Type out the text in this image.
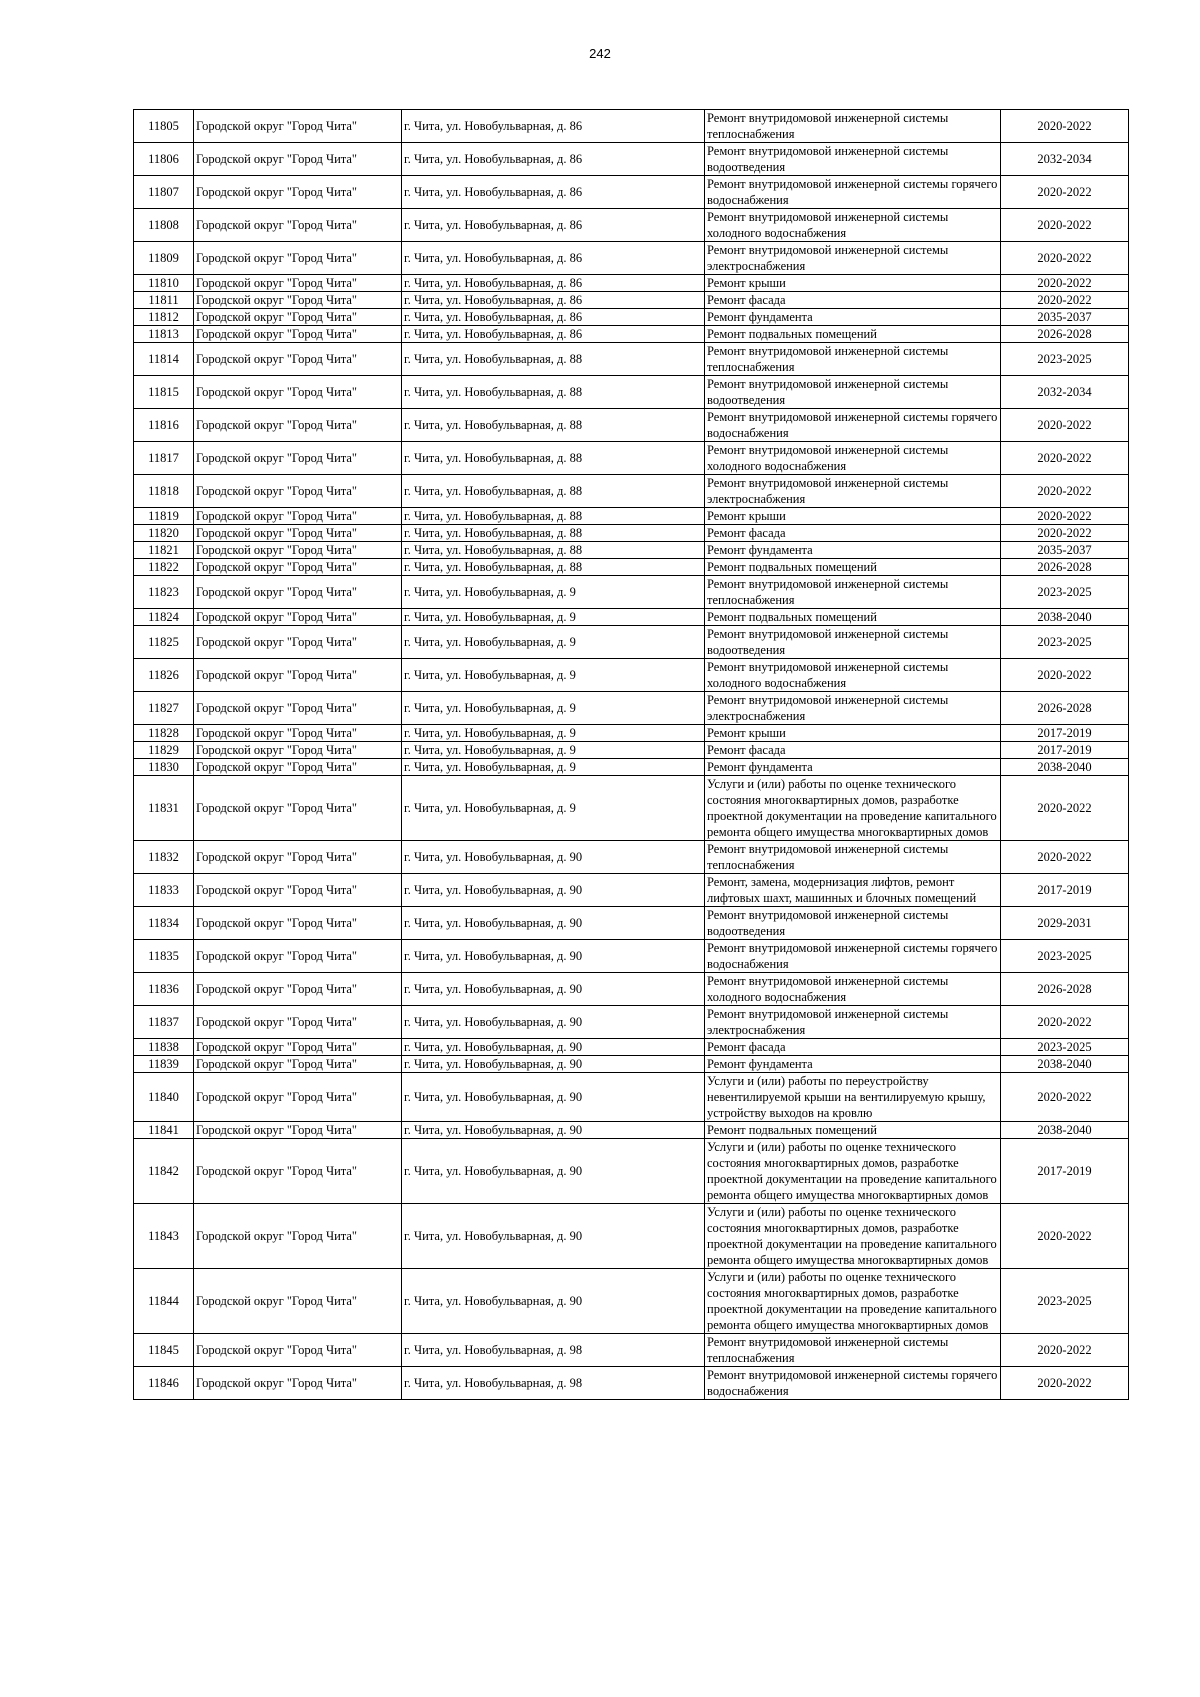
242
11805	Городской округ "Город Чита"	г. Чита, ул. Новобульварная, д. 86	Ремонт внутридомовой инженерной системы теплоснабжения	2020-2022
11806	Городской округ "Город Чита"	г. Чита, ул. Новобульварная, д. 86	Ремонт внутридомовой инженерной системы водоотведения	2032-2034
11807	Городской округ "Город Чита"	г. Чита, ул. Новобульварная, д. 86	Ремонт внутридомовой инженерной системы горячего водоснабжения	2020-2022
11808	Городской округ "Город Чита"	г. Чита, ул. Новобульварная, д. 86	Ремонт внутридомовой инженерной системы холодного водоснабжения	2020-2022
11809	Городской округ "Город Чита"	г. Чита, ул. Новобульварная, д. 86	Ремонт внутридомовой инженерной системы электроснабжения	2020-2022
11810	Городской округ "Город Чита"	г. Чита, ул. Новобульварная, д. 86	Ремонт крыши	2020-2022
11811	Городской округ "Город Чита"	г. Чита, ул. Новобульварная, д. 86	Ремонт фасада	2020-2022
11812	Городской округ "Город Чита"	г. Чита, ул. Новобульварная, д. 86	Ремонт фундамента	2035-2037
11813	Городской округ "Город Чита"	г. Чита, ул. Новобульварная, д. 86	Ремонт подвальных помещений	2026-2028
11814	Городской округ "Город Чита"	г. Чита, ул. Новобульварная, д. 88	Ремонт внутридомовой инженерной системы теплоснабжения	2023-2025
11815	Городской округ "Город Чита"	г. Чита, ул. Новобульварная, д. 88	Ремонт внутридомовой инженерной системы водоотведения	2032-2034
11816	Городской округ "Город Чита"	г. Чита, ул. Новобульварная, д. 88	Ремонт внутридомовой инженерной системы горячего водоснабжения	2020-2022
11817	Городской округ "Город Чита"	г. Чита, ул. Новобульварная, д. 88	Ремонт внутридомовой инженерной системы холодного водоснабжения	2020-2022
11818	Городской округ "Город Чита"	г. Чита, ул. Новобульварная, д. 88	Ремонт внутридомовой инженерной системы электроснабжения	2020-2022
11819	Городской округ "Город Чита"	г. Чита, ул. Новобульварная, д. 88	Ремонт крыши	2020-2022
11820	Городской округ "Город Чита"	г. Чита, ул. Новобульварная, д. 88	Ремонт фасада	2020-2022
11821	Городской округ "Город Чита"	г. Чита, ул. Новобульварная, д. 88	Ремонт фундамента	2035-2037
11822	Городской округ "Город Чита"	г. Чита, ул. Новобульварная, д. 88	Ремонт подвальных помещений	2026-2028
11823	Городской округ "Город Чита"	г. Чита, ул. Новобульварная, д. 9	Ремонт внутридомовой инженерной системы теплоснабжения	2023-2025
11824	Городской округ "Город Чита"	г. Чита, ул. Новобульварная, д. 9	Ремонт подвальных помещений	2038-2040
11825	Городской округ "Город Чита"	г. Чита, ул. Новобульварная, д. 9	Ремонт внутридомовой инженерной системы водоотведения	2023-2025
11826	Городской округ "Город Чита"	г. Чита, ул. Новобульварная, д. 9	Ремонт внутридомовой инженерной системы холодного водоснабжения	2020-2022
11827	Городской округ "Город Чита"	г. Чита, ул. Новобульварная, д. 9	Ремонт внутридомовой инженерной системы электроснабжения	2026-2028
11828	Городской округ "Город Чита"	г. Чита, ул. Новобульварная, д. 9	Ремонт крыши	2017-2019
11829	Городской округ "Город Чита"	г. Чита, ул. Новобульварная, д. 9	Ремонт фасада	2017-2019
11830	Городской округ "Город Чита"	г. Чита, ул. Новобульварная, д. 9	Ремонт фундамента	2038-2040
11831	Городской округ "Город Чита"	г. Чита, ул. Новобульварная, д. 9	Услуги и (или) работы по оценке технического состояния многоквартирных домов, разработке проектной документации на проведение капитального ремонта общего имущества многоквартирных домов	2020-2022
11832	Городской округ "Город Чита"	г. Чита, ул. Новобульварная, д. 90	Ремонт внутридомовой инженерной системы теплоснабжения	2020-2022
11833	Городской округ "Город Чита"	г. Чита, ул. Новобульварная, д. 90	Ремонт, замена, модернизация лифтов, ремонт лифтовых шахт, машинных и блочных помещений	2017-2019
11834	Городской округ "Город Чита"	г. Чита, ул. Новобульварная, д. 90	Ремонт внутридомовой инженерной системы водоотведения	2029-2031
11835	Городской округ "Город Чита"	г. Чита, ул. Новобульварная, д. 90	Ремонт внутридомовой инженерной системы горячего водоснабжения	2023-2025
11836	Городской округ "Город Чита"	г. Чита, ул. Новобульварная, д. 90	Ремонт внутридомовой инженерной системы холодного водоснабжения	2026-2028
11837	Городской округ "Город Чита"	г. Чита, ул. Новобульварная, д. 90	Ремонт внутридомовой инженерной системы электроснабжения	2020-2022
11838	Городской округ "Город Чита"	г. Чита, ул. Новобульварная, д. 90	Ремонт фасада	2023-2025
11839	Городской округ "Город Чита"	г. Чита, ул. Новобульварная, д. 90	Ремонт фундамента	2038-2040
11840	Городской округ "Город Чита"	г. Чита, ул. Новобульварная, д. 90	Услуги и (или) работы по переустройству невентилируемой крыши на вентилируемую крышу, устройству выходов на кровлю	2020-2022
11841	Городской округ "Город Чита"	г. Чита, ул. Новобульварная, д. 90	Ремонт подвальных помещений	2038-2040
11842	Городской округ "Город Чита"	г. Чита, ул. Новобульварная, д. 90	Услуги и (или) работы по оценке технического состояния многоквартирных домов, разработке проектной документации на проведение капитального ремонта общего имущества многоквартирных домов	2017-2019
11843	Городской округ "Город Чита"	г. Чита, ул. Новобульварная, д. 90	Услуги и (или) работы по оценке технического состояния многоквартирных домов, разработке проектной документации на проведение капитального ремонта общего имущества многоквартирных домов	2020-2022
11844	Городской округ "Город Чита"	г. Чита, ул. Новобульварная, д. 90	Услуги и (или) работы по оценке технического состояния многоквартирных домов, разработке проектной документации на проведение капитального ремонта общего имущества многоквартирных домов	2023-2025
11845	Городской округ "Город Чита"	г. Чита, ул. Новобульварная, д. 98	Ремонт внутридомовой инженерной системы теплоснабжения	2020-2022
11846	Городской округ "Город Чита"	г. Чита, ул. Новобульварная, д. 98	Ремонт внутридомовой инженерной системы горячего водоснабжения	2020-2022
